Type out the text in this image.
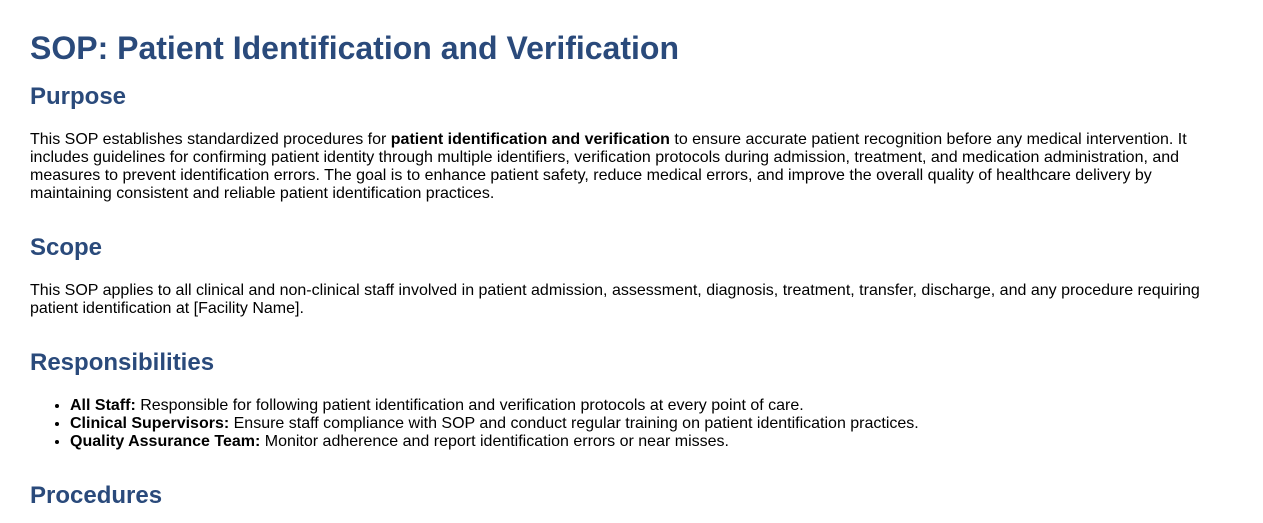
SOP: Patient Identification and Verification
Purpose

This SOP establishes standardized procedures for patient identification and verification to ensure accurate patient recognition before any medical intervention. It includes guidelines for confirming patient identity through multiple identifiers, verification protocols during admission, treatment, and medication administration, and measures to prevent identification errors. The goal is to enhance patient safety, reduce medical errors, and improve the overall quality of healthcare delivery by maintaining consistent and reliable patient identification practices.

Scope

This SOP applies to all clinical and non-clinical staff involved in patient admission, assessment, diagnosis, treatment, transfer, discharge, and any procedure requiring patient identification at [Facility Name].

Responsibilities
• All Staff: Responsible for following patient identification and verification protocols at every point of care.
• Clinical Supervisors: Ensure staff compliance with SOP and conduct regular training on patient identification practices.
• Quality Assurance Team: Monitor adherence and report identification errors or near misses.
Procedures
